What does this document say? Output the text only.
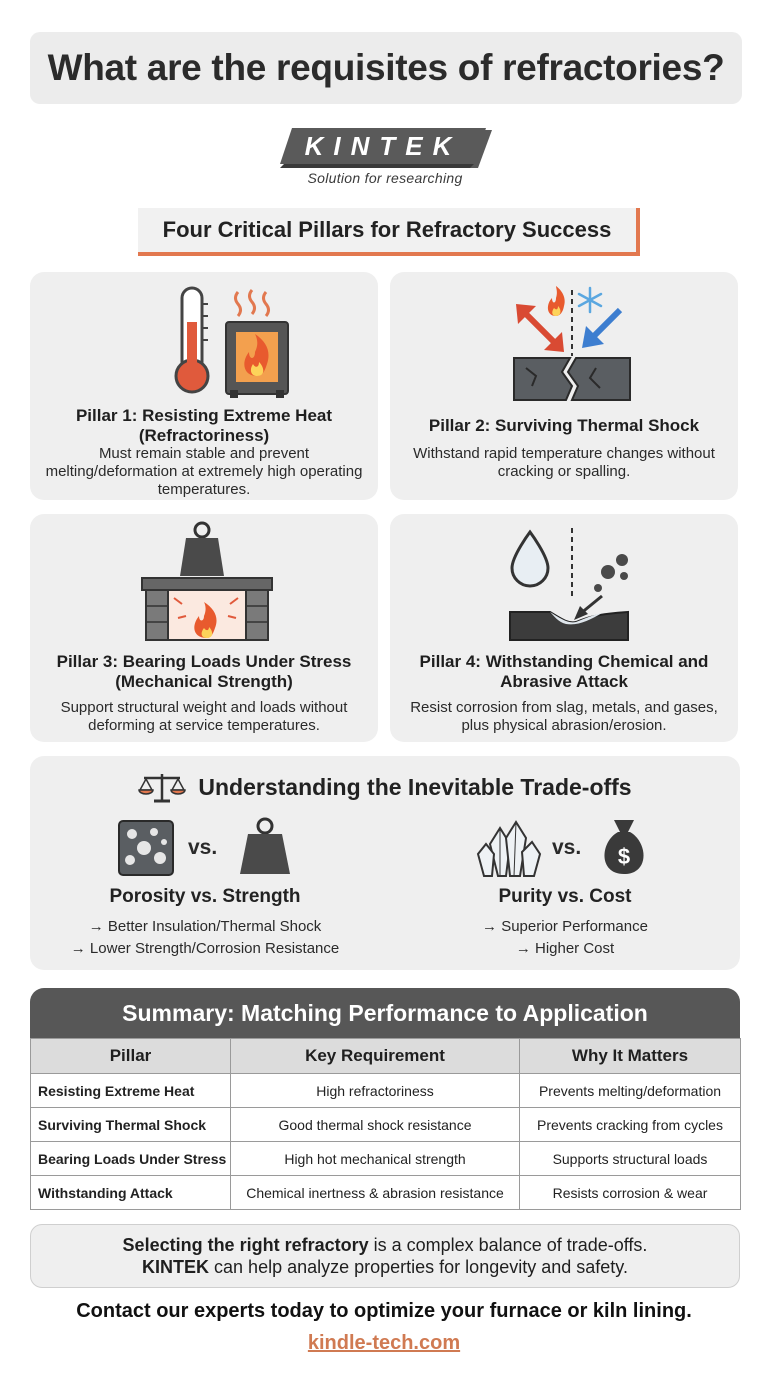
What are the requisites of refractories?
KINTEK
Solution for researching
Four Critical Pillars for Refractory Success
Pillar 1: Resisting Extreme Heat (Refractoriness)
Must remain stable and prevent melting/deformation at extremely high operating temperatures.
Pillar 2: Surviving Thermal Shock
Withstand rapid temperature changes without cracking or spalling.
Pillar 3: Bearing Loads Under Stress (Mechanical Strength)
Support structural weight and loads without deforming at service temperatures.
Pillar 4: Withstanding Chemical and Abrasive Attack
Resist corrosion from slag, metals, and gases, plus physical abrasion/erosion.
Understanding the Inevitable Trade-offs
vs.
Porosity vs. Strength
→ Better Insulation/Thermal Shock
→ Lower Strength/Corrosion Resistance
vs. $
Purity vs. Cost
→ Superior Performance
→ Higher Cost
Summary: Matching Performance to Application
Pillar	Key Requirement	Why It Matters
Resisting Extreme Heat	High refractoriness	Prevents melting/deformation
Surviving Thermal Shock	Good thermal shock resistance	Prevents cracking from cycles
Bearing Loads Under Stress	High hot mechanical strength	Supports structural loads
Withstanding Attack	Chemical inertness & abrasion resistance	Resists corrosion & wear

Selecting the right refractory is a complex balance of trade-offs.

KINTEK can help analyze properties for longevity and safety.

Contact our experts today to optimize your furnace or kiln lining.
kindle-tech.com
